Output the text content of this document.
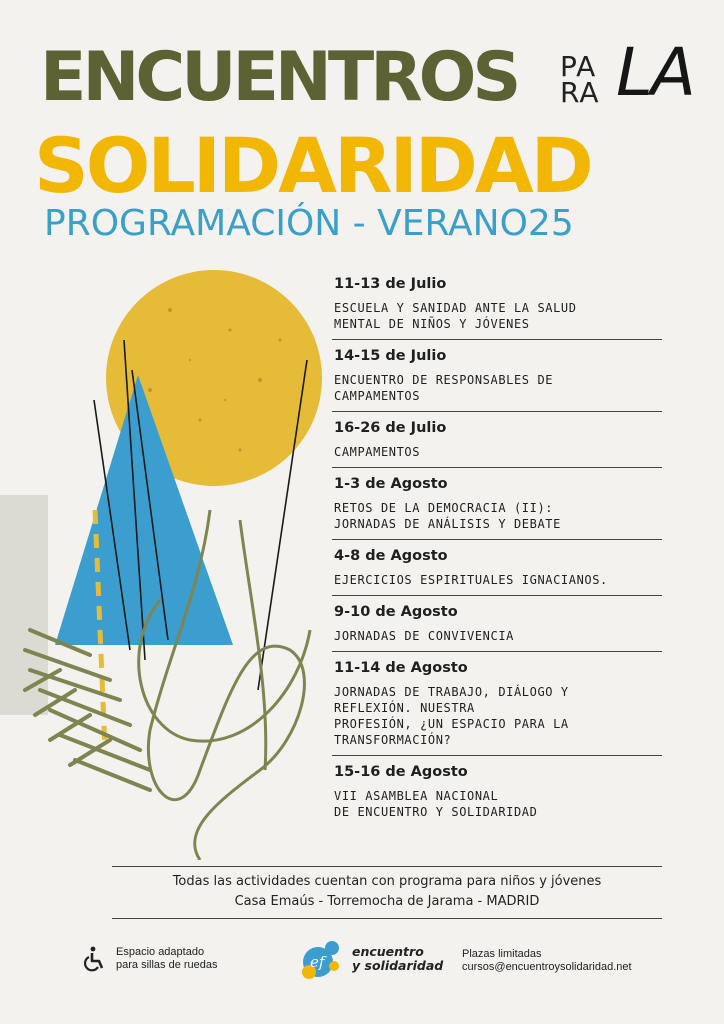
ENCUENTROS PA
RA LA
SOLIDARIDAD
PROGRAMACIÓN - VERANO25
11-13 de Julio
ESCUELA Y SANIDAD ANTE LA SALUD
MENTAL DE NIÑOS Y JÓVENES
14-15 de Julio
ENCUENTRO DE RESPONSABLES DE
CAMPAMENTOS
16-26 de Julio
CAMPAMENTOS
1-3 de Agosto
RETOS DE LA DEMOCRACIA (II):
JORNADAS DE ANÁLISIS Y DEBATE
4-8 de Agosto
EJERCICIOS ESPIRITUALES IGNACIANOS.
9-10 de Agosto
JORNADAS DE CONVIVENCIA
11-14 de Agosto
JORNADAS DE TRABAJO, DIÁLOGO Y
REFLEXIÓN. NUESTRA
PROFESIÓN, ¿UN ESPACIO PARA LA
TRANSFORMACIÓN?
15-16 de Agosto
VII ASAMBLEA NACIONAL
DE ENCUENTRO Y SOLIDARIDAD
Todas las actividades cuentan con programa para niños y jóvenes
Casa Emaús - Torremocha de Jarama - MADRID
Espacio adaptado
para sillas de ruedas	ef
encuentro
y solidaridad
Plazas limitadas
cursos@encuentroysolidaridad.net
